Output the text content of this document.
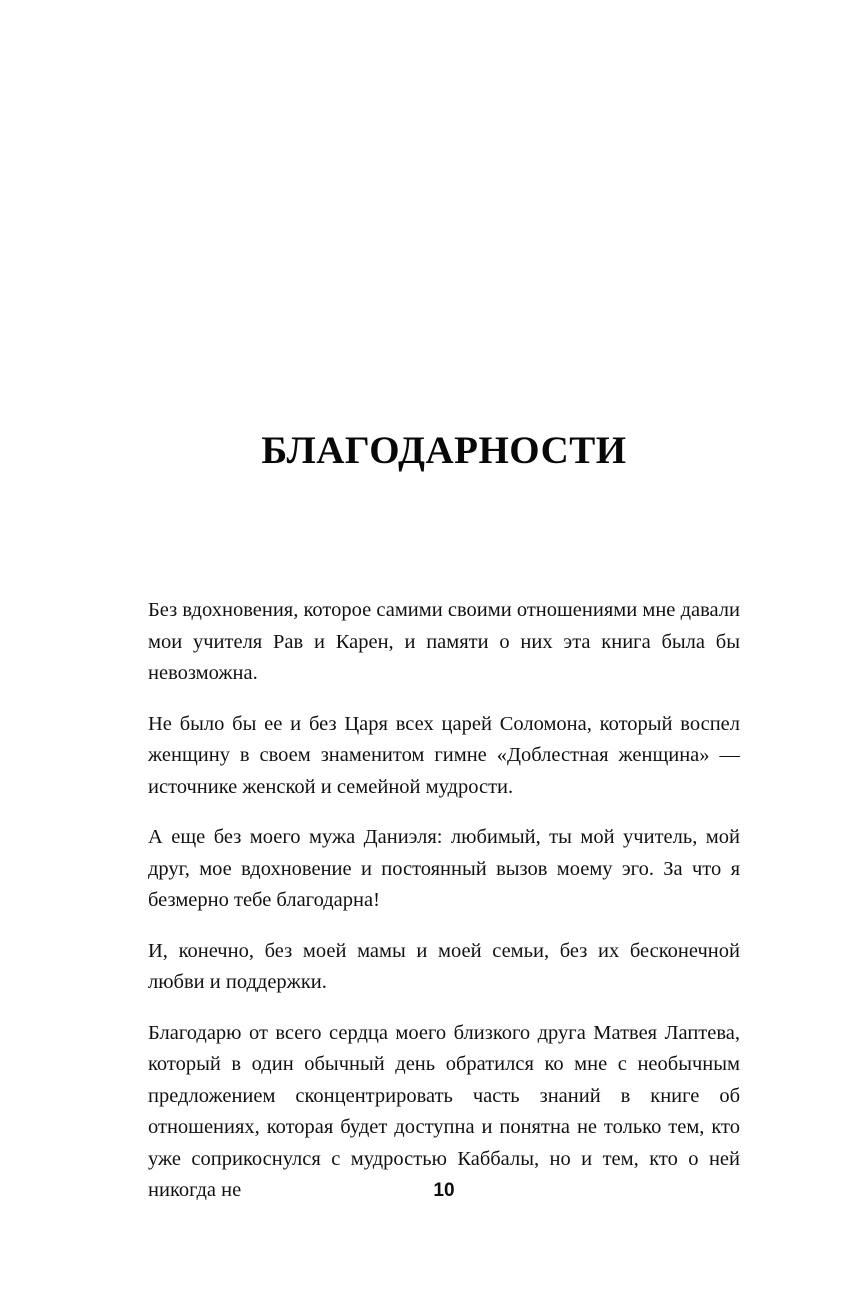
БЛАГОДАРНОСТИ

Без вдохновения, которое самими своими отношениями мне давали мои учителя Рав и Карен, и памяти о них эта книга была бы невозможна.

Не было бы ее и без Царя всех царей Соломона, который воспел женщину в своем знаменитом гимне «Доблестная женщина» — источнике женской и семейной мудрости.

А еще без моего мужа Даниэля: любимый, ты мой учитель, мой друг, мое вдохновение и постоянный вызов моему эго. За что я безмерно тебе благодарна!

И, конечно, без моей мамы и моей семьи, без их бесконечной любви и поддержки.

Благодарю от всего сердца моего близкого друга Матвея Лаптева, который в один обычный день обратился ко мне с необычным предложением сконцентрировать часть знаний в книге об отношениях, которая будет доступна и понятна не только тем, кто уже соприкоснулся с мудростью Каббалы, но и тем, кто о ней никогда не	10
